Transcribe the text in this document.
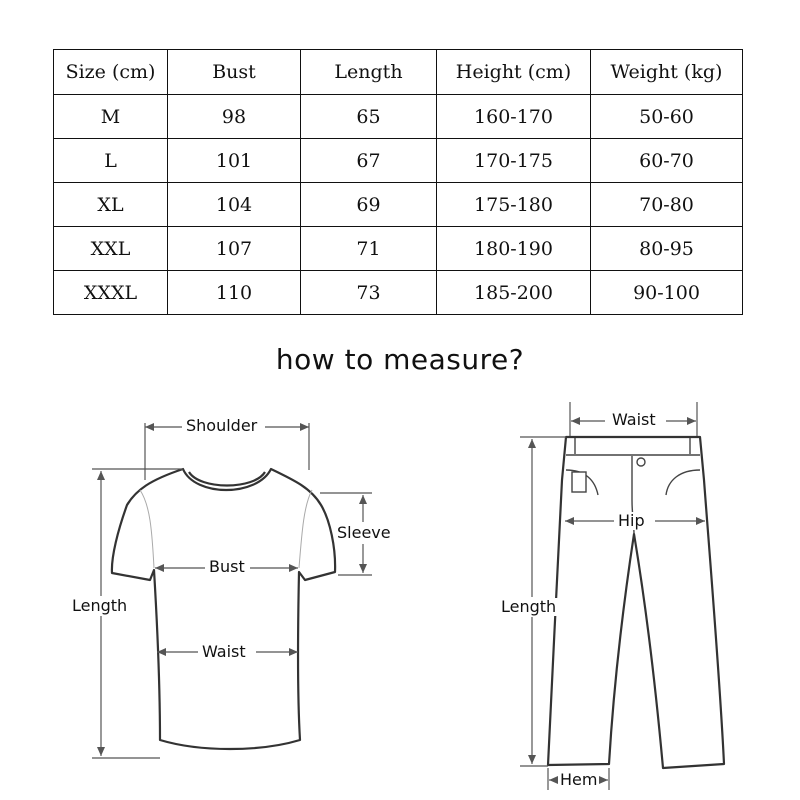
Size (cm)	Bust	Length	Height (cm)	Weight (kg)
M	98	65	160-170	50-60
L	101	67	170-175	60-70
XL	104	69	175-180	70-80
XXL	107	71	180-190	80-95
XXXL	110	73	185-200	90-100
how to measure?
Shoulder
Sleeve
Bust
Length
Waist
Waist
Hip
Length
Hem
